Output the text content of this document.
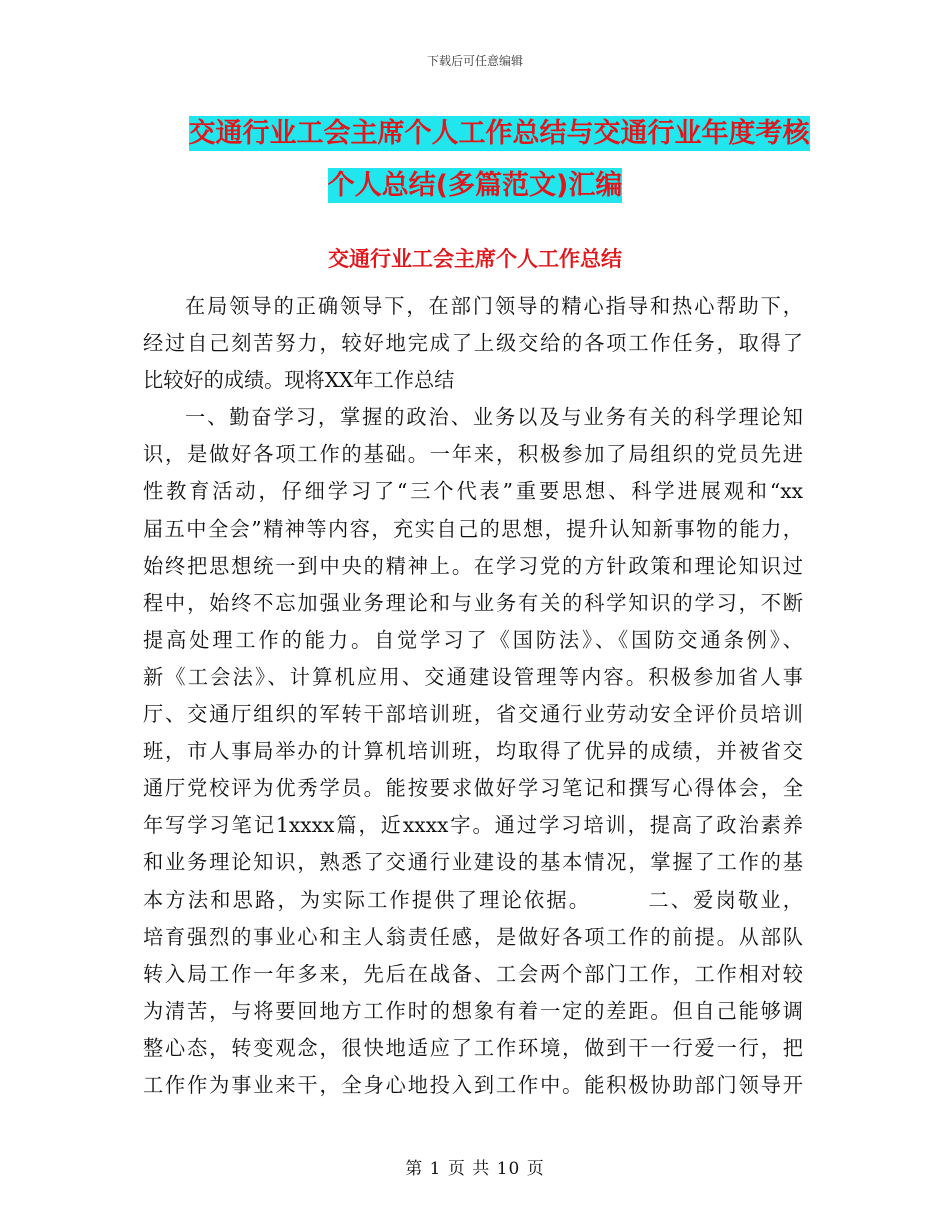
下载后可任意编辑
交通行业工会主席个人工作总结与交通行业年度考核
个人总结(多篇范文)汇编
交通行业工会主席个人工作总结
在局领导的正确领导下，在部门领导的精心指导和热心帮助下，
经过自己刻苦努力，较好地完成了上级交给的各项工作任务，取得了
比较好的成绩。现将XX年工作总结
一、勤奋学习，掌握的政治、业务以及与业务有关的科学理论知
识，是做好各项工作的基础。一年来，积极参加了局组织的党员先进
性教育活动，仔细学习了“三个代表”重要思想、科学进展观和“xx
届五中全会”精神等内容，充实自己的思想，提升认知新事物的能力，
始终把思想统一到中央的精神上。在学习党的方针政策和理论知识过
程中，始终不忘加强业务理论和与业务有关的科学知识的学习，不断
提高处理工作的能力。自觉学习了《国防法》、《国防交通条例》、
新《工会法》、计算机应用、交通建设管理等内容。积极参加省人事
厅、交通厅组织的军转干部培训班，省交通行业劳动安全评价员培训
班，市人事局举办的计算机培训班，均取得了优异的成绩，并被省交
通厅党校评为优秀学员。能按要求做好学习笔记和撰写心得体会，全
年写学习笔记1xxxx篇，近xxxx字。通过学习培训，提高了政治素养
和业务理论知识，熟悉了交通行业建设的基本情况，掌握了工作的基
本方法和思路，为实际工作提供了理论依据。　　　二、爱岗敬业，
培育强烈的事业心和主人翁责任感，是做好各项工作的前提。从部队
转入局工作一年多来，先后在战备、工会两个部门工作，工作相对较
为清苦，与将要回地方工作时的想象有着一定的差距。但自己能够调
整心态，转变观念，很快地适应了工作环境，做到干一行爱一行，把
工作作为事业来干，全身心地投入到工作中。能积极协助部门领导开
第 1 页 共 10 页
